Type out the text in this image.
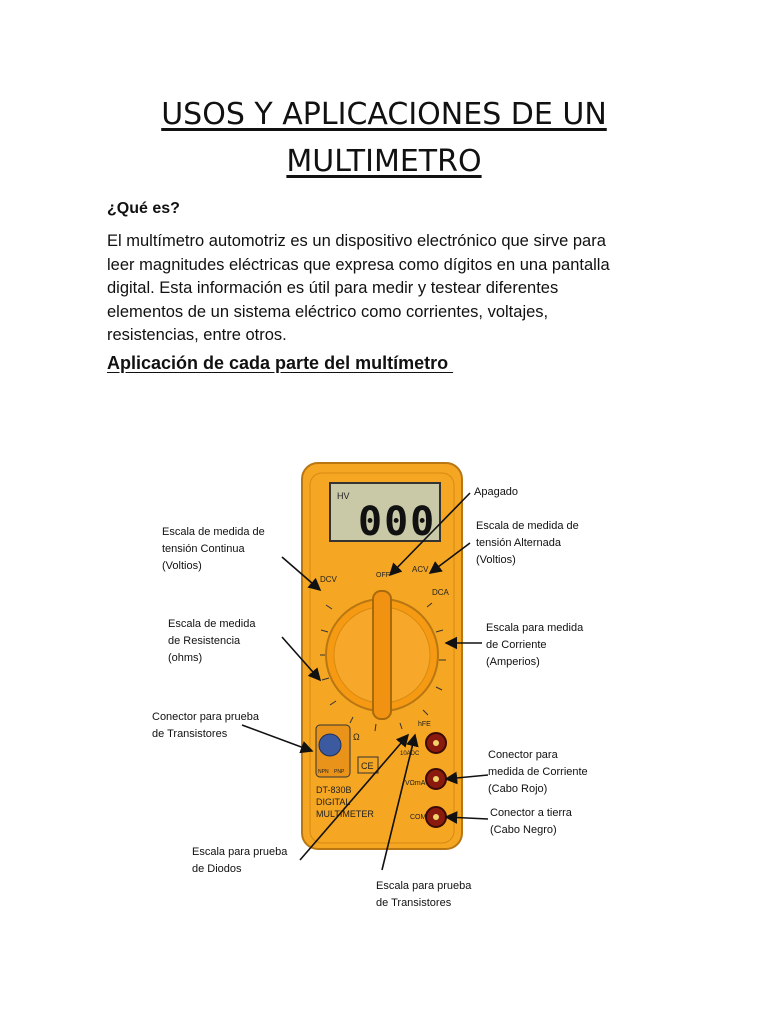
USOS Y APLICACIONES DE UN
MULTIMETRO
¿Qué es?
El multímetro automotriz es un dispositivo electrónico que sirve para
leer magnitudes eléctricas que expresa como dígitos en una pantalla
digital. Esta información es útil para medir y testear diferentes
elementos de un sistema eléctrico como corrientes, voltajes,
resistencias, entre otros.
Aplicación de cada parte del multímetro
HV
000
DCV	OFF
ACV
DCA
Ω
hFE
NPN PNP
CE
DT-830B
DIGITAL
MULTIMETER
10ADC
VΩmA
COM
Apagado
Escala de medida de tensión Alternada (Voltios)
Escala de medida de tensión Continua (Voltios)
Escala de medida de Resistencia (ohms)
Escala para medida de Corriente (Amperios)
Conector para prueba de Transistores
Conector para medida de Corriente (Cabo Rojo)
Conector a tierra (Cabo Negro)
Escala para prueba de Diodos
Escala para prueba de Transistores
